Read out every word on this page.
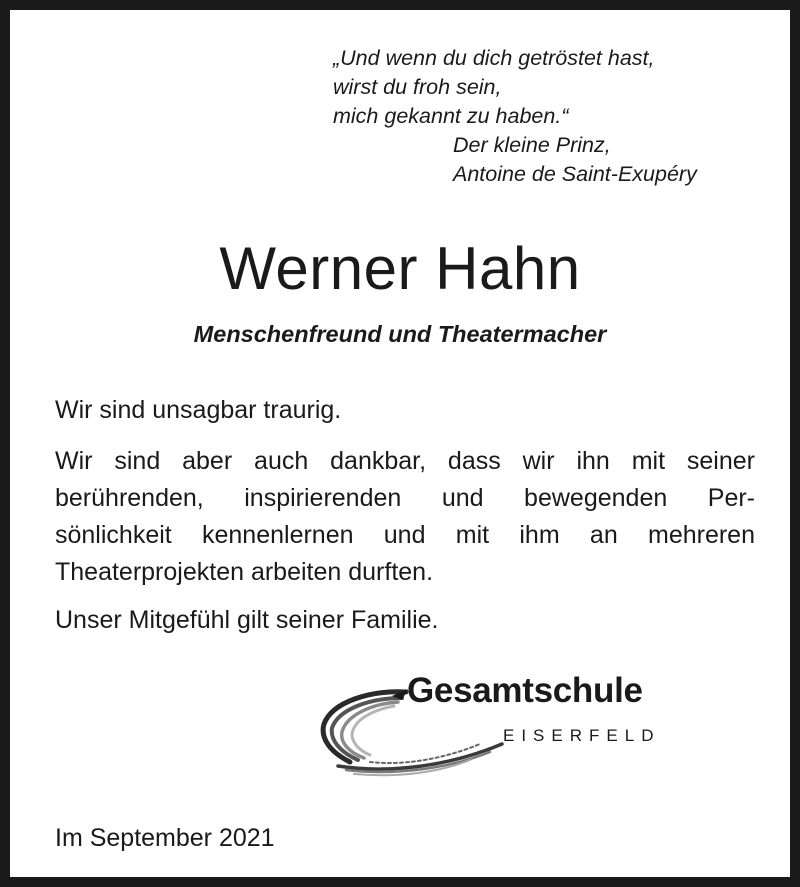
„Und wenn du dich getröstet hast,
wirst du froh sein,
mich gekannt zu haben.“
Der kleine Prinz,
Antoine de Saint-Exupéry
Werner Hahn
Menschenfreund und Theatermacher
Wir sind unsagbar traurig.
Wir sind aber auch dankbar, dass wir ihn mit seiner
berührenden, inspirierenden und bewegenden Per-
sönlichkeit kennenlernen und mit ihm an mehreren
Theaterprojekten arbeiten durften.
Unser Mitgefühl gilt seiner Familie.
Gesamtschule
EISERFELD
Im September 2021
